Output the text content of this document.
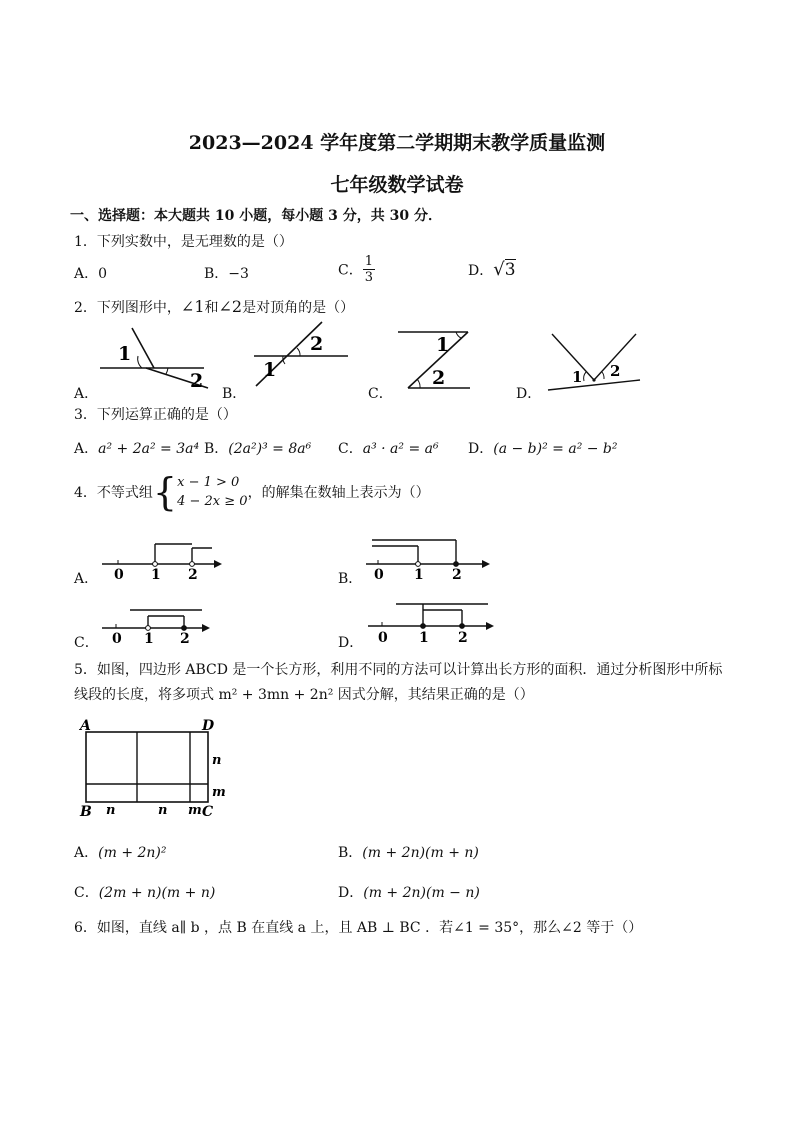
2023—2024 学年度第二学期期末教学质量监测
七年级数学试卷
一、选择题：本大题共 10 小题，每小题 3 分，共 30 分．
1．下列实数中，是无理数的是（）
A．0	B．−3	C． $\frac{1}{3}$	D．√3
2．下列图形中，∠1和∠2是对顶角的是（）
A．
1
2
B．
2
1
C．
1
2
D．
1 2
3．下列运算正确的是（）
A．a² + 2a² = 3a⁴ B．(2a²)³ = 8a⁶ C．a³ · a² = a⁶ D．(a − b)² = a² − b²
4．不等式组{ x − 1 > 0
4 − 2x ≥ 0
，的解集在数轴上表示为（）
A． 0 1 2	B． 0 1 2
C． 0 1 2	D． 0 1 2
5．如图，四边形 ABCD 是一个长方形，利用不同的方法可以计算出长方形的面积．通过分析图形中所标
线段的长度，将多项式 m² + 3mn + 2n² 因式分解，其结果正确的是（）
A	D
B	C
n	n m
n
m
A．(m + 2n)²	B．(m + 2n)(m + n)
C．(2m + n)(m + n)	D．(m + 2n)(m − n)
6．如图，直线 a∥ b ，点 B 在直线 a 上，且 AB ⊥ BC ．若∠1 = 35°，那么∠2 等于（）
